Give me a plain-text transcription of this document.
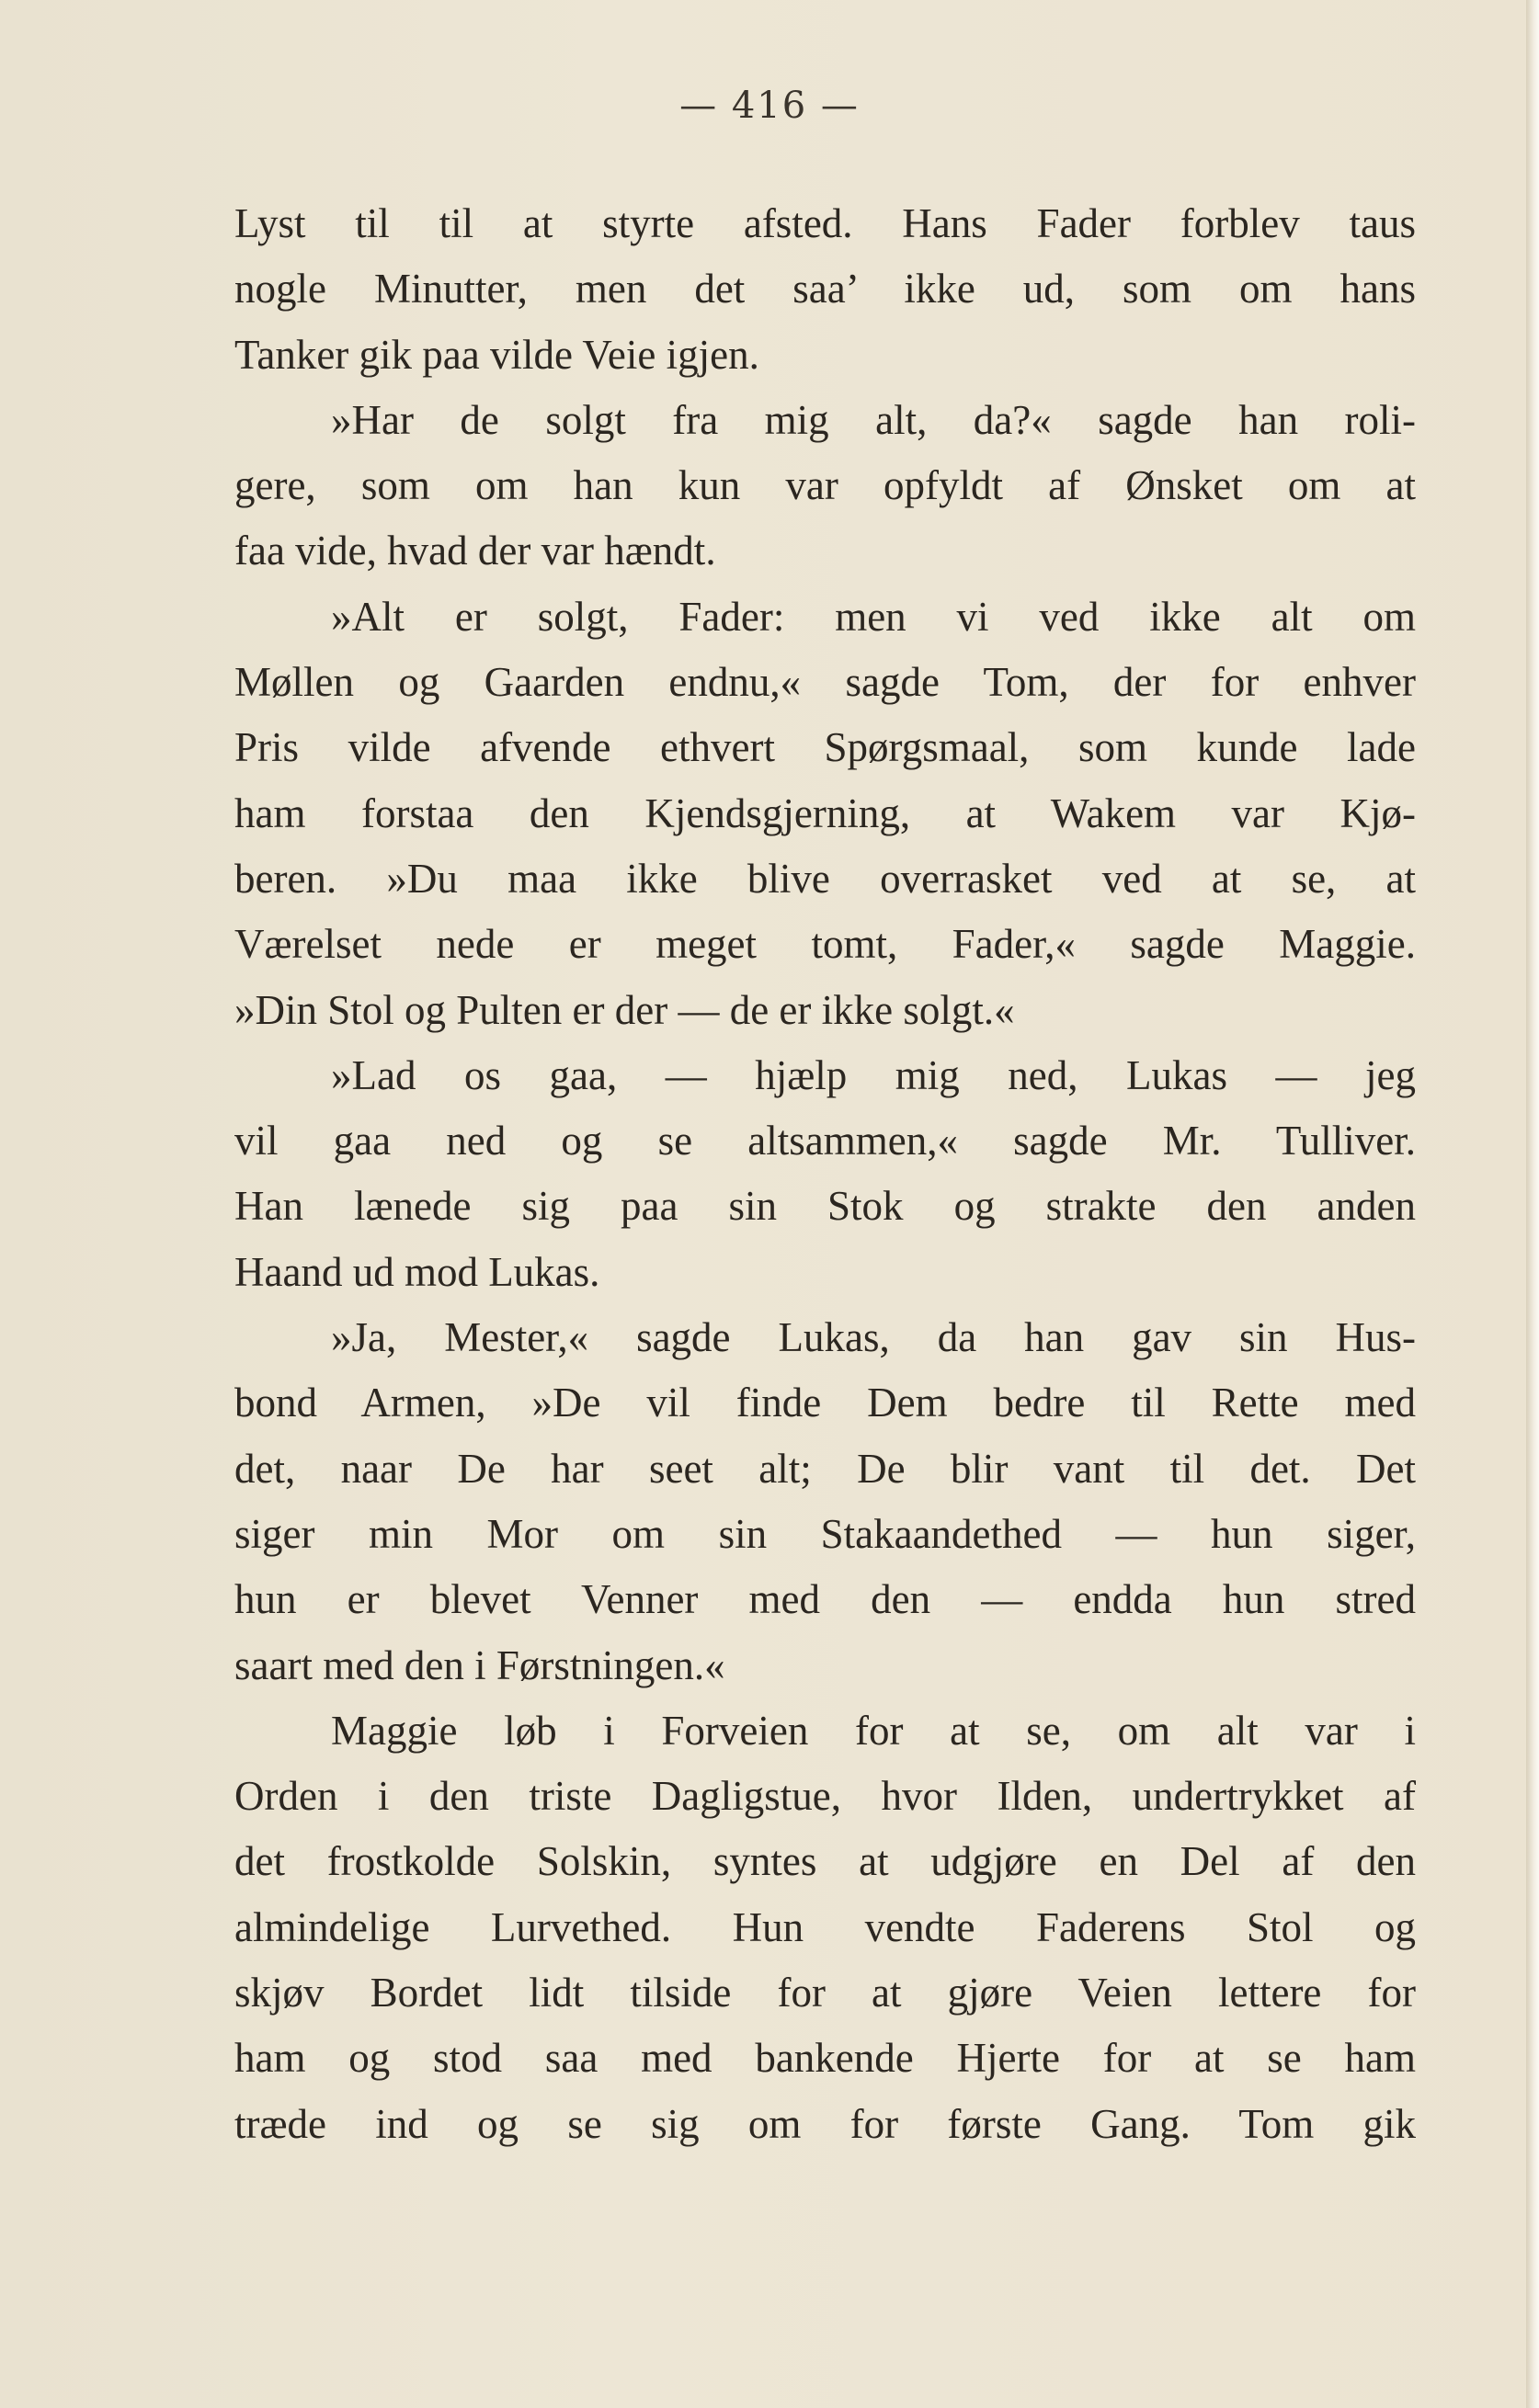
— 416 —
Lyst til til at styrte afsted. Hans Fader forblev taus
nogle Minutter, men det saa’ ikke ud, som om hans
Tanker gik paa vilde Veie igjen.
»Har de solgt fra mig alt, da?« sagde han roli-
gere, som om han kun var opfyldt af Ønsket om at
faa vide, hvad der var hændt.
»Alt er solgt, Fader: men vi ved ikke alt om
Møllen og Gaarden endnu,« sagde Tom, der for enhver
Pris vilde afvende ethvert Spørgsmaal, som kunde lade
ham forstaa den Kjendsgjerning, at Wakem var Kjø-
beren. »Du maa ikke blive overrasket ved at se, at
Værelset nede er meget tomt, Fader,« sagde Maggie.
»Din Stol og Pulten er der — de er ikke solgt.«
»Lad os gaa, — hjælp mig ned, Lukas — jeg
vil gaa ned og se altsammen,« sagde Mr. Tulliver.
Han lænede sig paa sin Stok og strakte den anden
Haand ud mod Lukas.
»Ja, Mester,« sagde Lukas, da han gav sin Hus-
bond Armen, »De vil finde Dem bedre til Rette med
det, naar De har seet alt; De blir vant til det. Det
siger min Mor om sin Stakaandethed — hun siger,
hun er blevet Venner med den — endda hun stred
saart med den i Førstningen.«
Maggie løb i Forveien for at se, om alt var i
Orden i den triste Dagligstue, hvor Ilden, undertrykket af
det frostkolde Solskin, syntes at udgjøre en Del af den
almindelige Lurvethed. Hun vendte Faderens Stol og
skjøv Bordet lidt tilside for at gjøre Veien lettere for
ham og stod saa med bankende Hjerte for at se ham
træde ind og se sig om for første Gang. Tom gik
